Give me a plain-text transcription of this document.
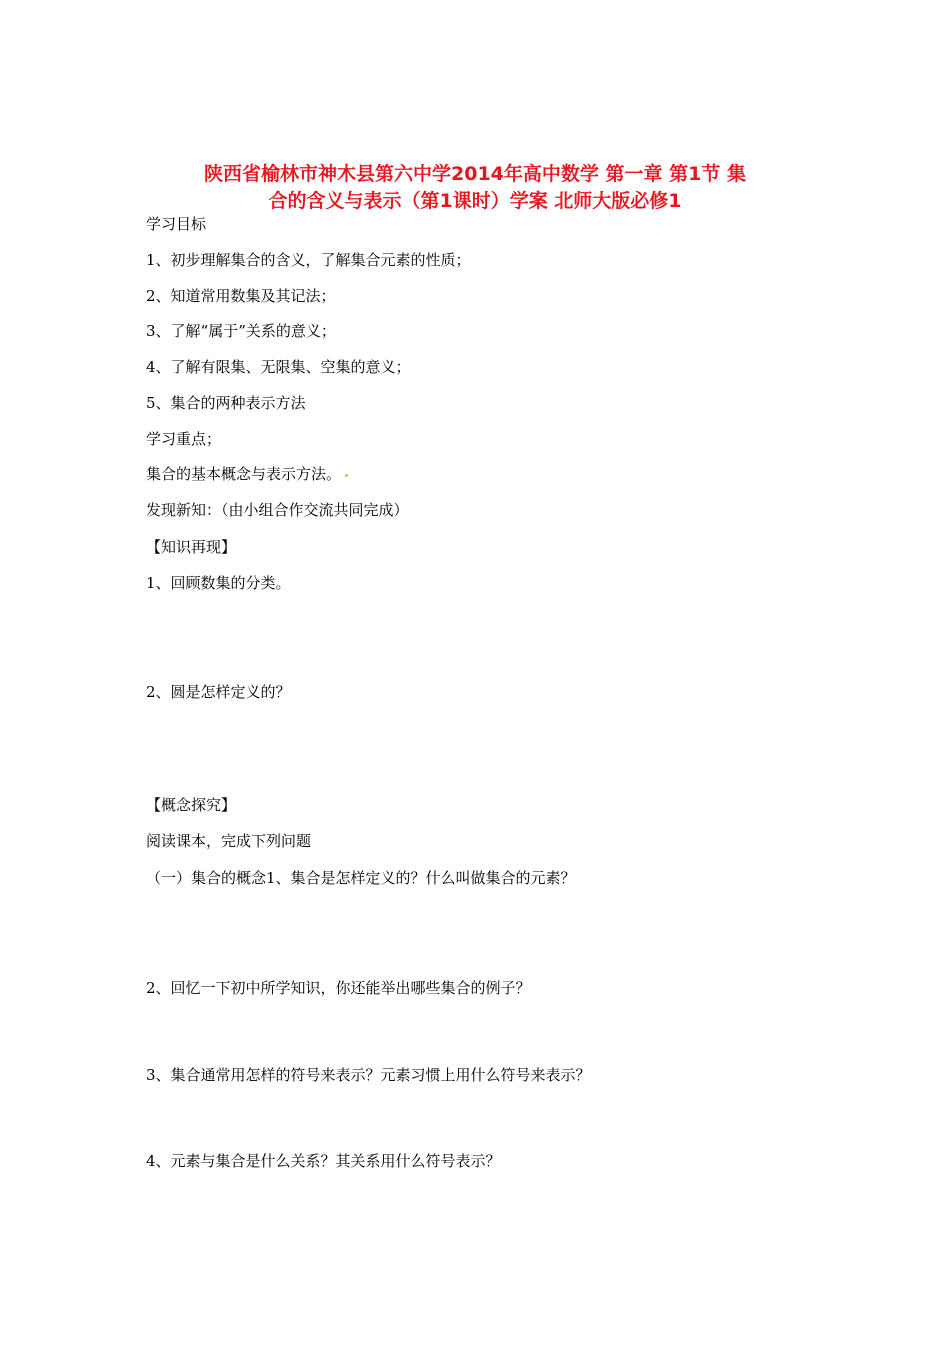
陕西省榆林市神木县第六中学2014年高中数学 第一章 第1节 集
合的含义与表示（第1课时）学案 北师大版必修1
学习目标
1、初步理解集合的含义，了解集合元素的性质；
2、知道常用数集及其记法；
3、了解“属于”关系的意义；
4、了解有限集、无限集、空集的意义；
5、集合的两种表示方法
学习重点；
集合的基本概念与表示方法。
发现新知：（由小组合作交流共同完成）
【知识再现】
1、回顾数集的分类。
2、圆是怎样定义的？
【概念探究】
阅读课本，完成下列问题
（一）集合的概念1、集合是怎样定义的？什么叫做集合的元素？
2、回忆一下初中所学知识，你还能举出哪些集合的例子？
3、集合通常用怎样的符号来表示？元素习惯上用什么符号来表示？
4、元素与集合是什么关系？其关系用什么符号表示？
